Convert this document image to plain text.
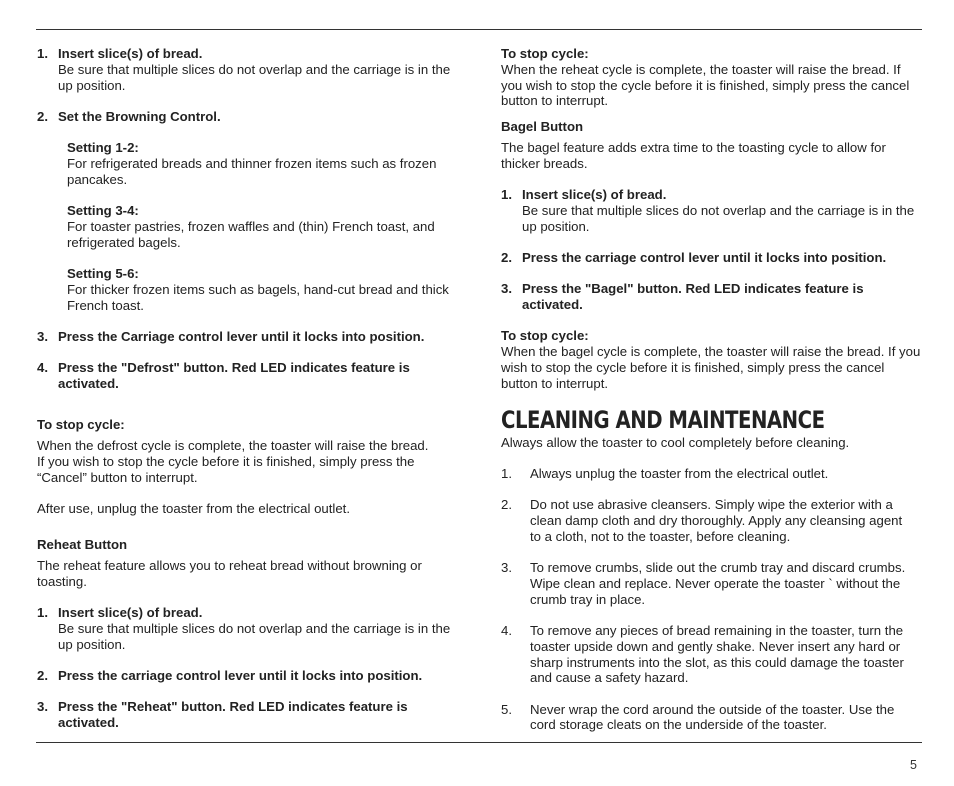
1. Insert slice(s) of bread.
Be sure that multiple slices do not overlap and the carriage is in the up position.
2. Set the Browning Control.
Setting 1-2:
For refrigerated breads and thinner frozen items such as frozen pancakes.
Setting 3-4:
For toaster pastries, frozen waffles and (thin) French toast, and refrigerated bagels.
Setting 5-6:
For thicker frozen items such as bagels, hand-cut bread and thick French toast.
3. Press the Carriage control lever until it locks into position.
4. Press the "Defrost" button. Red LED indicates feature is activated.
To stop cycle:
When the defrost cycle is complete, the toaster will raise the bread. If you wish to stop the cycle before it is finished, simply press the “Cancel” button to interrupt.
After use, unplug the toaster from the electrical outlet.
Reheat Button
The reheat feature allows you to reheat bread without browning or toasting.
1. Insert slice(s) of bread.
Be sure that multiple slices do not overlap and the carriage is in the up position.
2. Press the carriage control lever until it locks into position.
3. Press the "Reheat" button. Red LED indicates feature is activated.
To stop cycle:
When the reheat cycle is complete, the toaster will raise the bread. If you wish to stop the cycle before it is finished, simply press the cancel button to interrupt.
Bagel Button
The bagel feature adds extra time to the toasting cycle to allow for thicker breads.
1. Insert slice(s) of bread.
Be sure that multiple slices do not overlap and the carriage is in the up position.
2. Press the carriage control lever until it locks into position.
3. Press the "Bagel" button. Red LED indicates feature is activated.
To stop cycle:
When the bagel cycle is complete, the toaster will raise the bread. If you wish to stop the cycle before it is finished, simply press the cancel button to interrupt.
CLEANING AND MAINTENANCE
Always allow the toaster to cool completely before cleaning.
1. Always unplug the toaster from the electrical outlet.
2. Do not use abrasive cleansers. Simply wipe the exterior with a clean damp cloth and dry thoroughly. Apply any cleansing agent to a cloth, not to the toaster, before cleaning.
3. To remove crumbs, slide out the crumb tray and discard crumbs. Wipe clean and replace. Never operate the toaster ` without the crumb tray in place.
4. To remove any pieces of bread remaining in the toaster, turn the toaster upside down and gently shake. Never insert any hard or sharp instruments into the slot, as this could damage the toaster and cause a safety hazard.
5. Never wrap the cord around the outside of the toaster. Use the cord storage cleats on the underside of the toaster.
5
